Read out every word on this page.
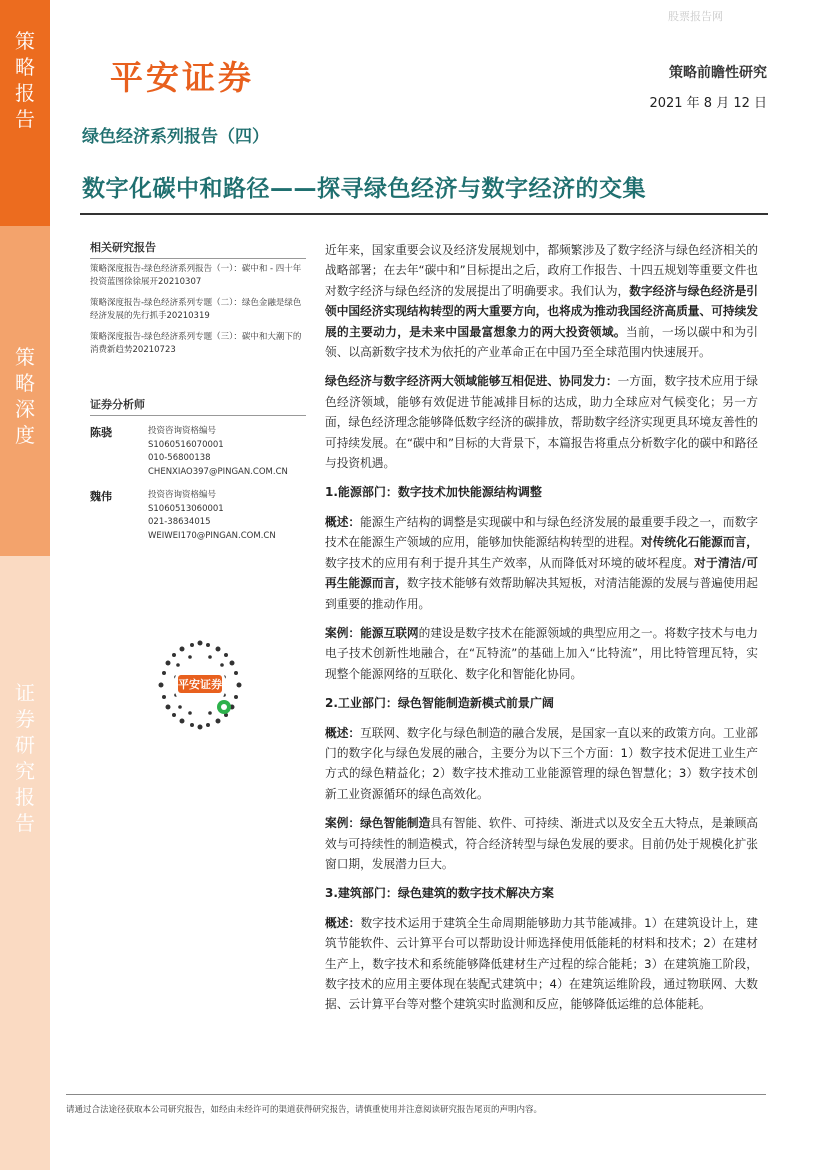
策
略
报
告
策
略
深
度
证
券
研
究
报
告
股票报告网
平安证券	策略前瞻性研究
2021 年 8 月 12 日
绿色经济系列报告（四）
数字化碳中和路径——探寻绿色经济与数字经济的交集
相关研究报告
策略深度报告-绿色经济系列报告（一）：碳中和 - 四十年投资蓝图徐徐展开20210307
策略深度报告-绿色经济系列专题（二）：绿色金融是绿色经济发展的先行抓手20210319
策略深度报告-绿色经济系列专题（三）：碳中和大潮下的消费新趋势20210723
证券分析师
陈骁	投资咨询资格编号
S1060516070001
010-56800138
CHENXIAO397@PINGAN.COM.CN
魏伟	投资咨询资格编号
S1060513060001
021-38634015
WEIWEI170@PINGAN.COM.CN
平安证券

近年来，国家重要会议及经济发展规划中，都频繁涉及了数字经济与绿色经济相关的战略部署；在去年“碳中和”目标提出之后，政府工作报告、十四五规划等重要文件也对数字经济与绿色经济的发展提出了明确要求。我们认为，数字经济与绿色经济是引领中国经济实现结构转型的两大重要方向，也将成为推动我国经济高质量、可持续发展的主要动力，是未来中国最富想象力的两大投资领域。当前，一场以碳中和为引领、以高新数字技术为依托的产业革命正在中国乃至全球范围内快速展开。

绿色经济与数字经济两大领域能够互相促进、协同发力：一方面，数字技术应用于绿色经济领域，能够有效促进节能减排目标的达成，助力全球应对气候变化；另一方面，绿色经济理念能够降低数字经济的碳排放，帮助数字经济实现更具环境友善性的可持续发展。在“碳中和”目标的大背景下，本篇报告将重点分析数字化的碳中和路径与投资机遇。

1.能源部门：数字技术加快能源结构调整

概述：能源生产结构的调整是实现碳中和与绿色经济发展的最重要手段之一，而数字技术在能源生产领域的应用，能够加快能源结构转型的进程。对传统化石能源而言，数字技术的应用有利于提升其生产效率，从而降低对环境的破坏程度。对于清洁/可再生能源而言，数字技术能够有效帮助解决其短板，对清洁能源的发展与普遍使用起到重要的推动作用。

案例：能源互联网的建设是数字技术在能源领域的典型应用之一。将数字技术与电力电子技术创新性地融合，在“瓦特流”的基础上加入“比特流”，用比特管理瓦特，实现整个能源网络的互联化、数字化和智能化协同。

2.工业部门：绿色智能制造新模式前景广阔

概述：互联网、数字化与绿色制造的融合发展，是国家一直以来的政策方向。工业部门的数字化与绿色发展的融合，主要分为以下三个方面：1）数字技术促进工业生产方式的绿色精益化；2）数字技术推动工业能源管理的绿色智慧化；3）数字技术创新工业资源循环的绿色高效化。

案例：绿色智能制造具有智能、软件、可持续、渐进式以及安全五大特点，是兼顾高效与可持续性的制造模式，符合经济转型与绿色发展的要求。目前仍处于规模化扩张窗口期，发展潜力巨大。

3.建筑部门：绿色建筑的数字技术解决方案

概述：数字技术运用于建筑全生命周期能够助力其节能减排。1）在建筑设计上，建筑节能软件、云计算平台可以帮助设计师选择使用低能耗的材料和技术；2）在建材生产上，数字技术和系统能够降低建材生产过程的综合能耗；3）在建筑施工阶段，数字技术的应用主要体现在装配式建筑中；4）在建筑运维阶段，通过物联网、大数据、云计算平台等对整个建筑实时监测和反应，能够降低运维的总体能耗。

请通过合法途径获取本公司研究报告，如经由未经许可的渠道获得研究报告，请慎重使用并注意阅读研究报告尾页的声明内容。
